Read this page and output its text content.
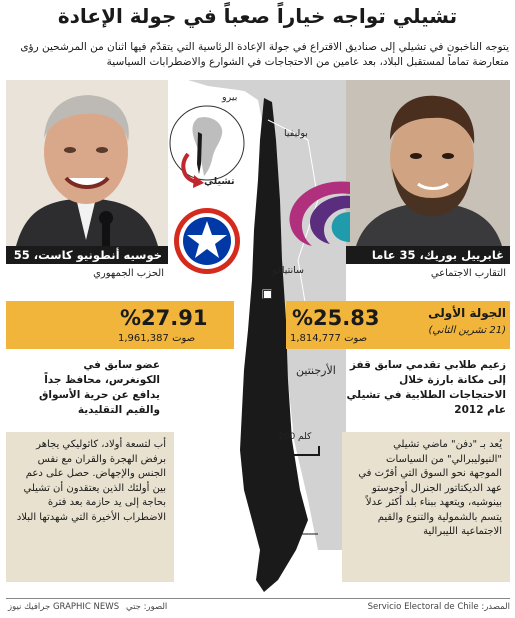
تشيلي تواجه خياراً صعباً في جولة الإعادة
يتوجه الناخبون في تشيلي إلى صناديق الاقتراع في جولة الإعادة الرئاسية التي يتقدّم فيها اثنان من المرشحين رؤى متعارضة تماماً لمستقبل البلاد، بعد عامين من الاحتجاجات في الشوارع والاضطرابات السياسية
بيرو
بوليفيا
تشيلي
سانتياغو
الأرجنتين
200 كلم
خوسيه أنطونيو كاست، 55
الحزب الجمهوري
غابرييل بوريك، 35 عاما
التقارب الاجتماعي
%27.91
1,961,387 صوت
%25.83
1,814,777 صوت
الجولة الأولى
(21 تشرين الثاني)
عضو سابق في الكونغرس، محافظ جداً يدافع عن حرية الأسواق والقيم التقليدية
زعيم طلابي تقدمي سابق قفز إلى مكانة بارزة خلال الاحتجاجات الطلابية في تشيلي عام 2012
أب لتسعة أولاد، كاثوليكي يجاهر برفض الهجرة والقران مع نفس الجنس والإجهاض. حصل على دعم بين أولئك الذين يعتقدون أن تشيلي بحاجة إلى يد حازمة بعد فترة الاضطراب الأخيرة التي شهدتها البلاد
يُعد بـ "دفن" ماضي تشيلي "النيوليبرالي" من السياسات الموجهة نحو السوق التي أقرّت في عهد الديكتاتور الجنرال أوجوستو بينوشيه، ويتعهد ببناء بلد أكثر عدلاً يتسم بالشمولية والتنوع والقيم الاجتماعية الليبرالية
المصدر: Servicio Electoral de Chile
الصور: جتي
جرافيك نيوز GRAPHIC NEWS
